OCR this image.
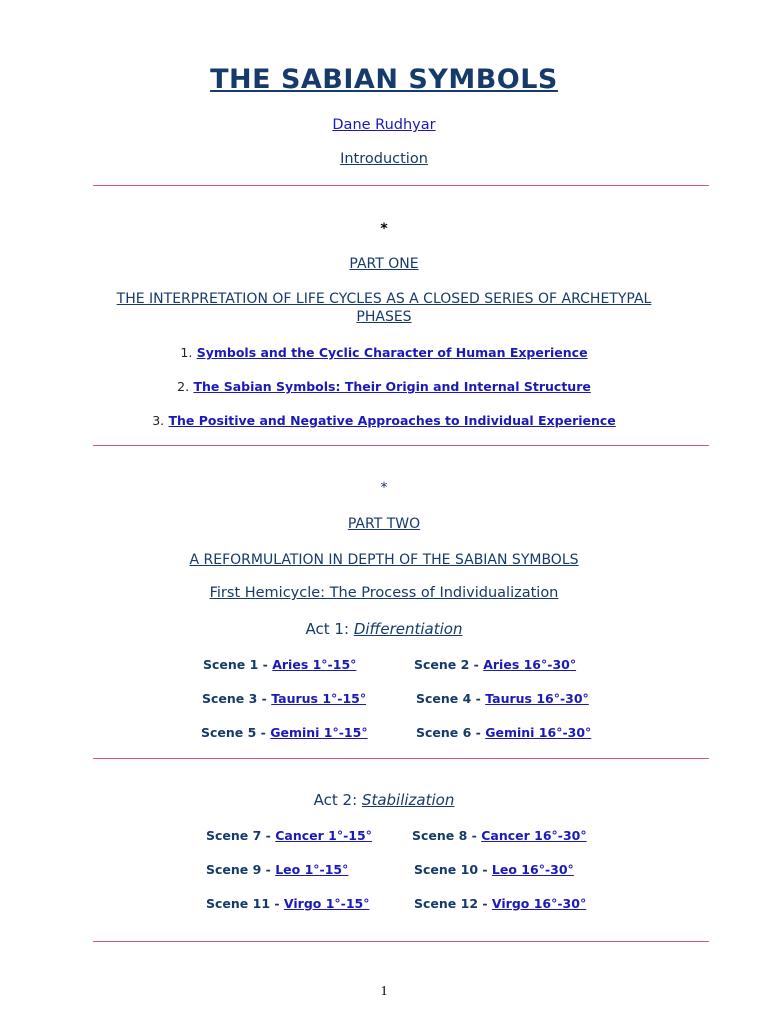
THE SABIAN SYMBOLS
Dane Rudhyar
Introduction
*
PART ONE
THE INTERPRETATION OF LIFE CYCLES AS A CLOSED SERIES OF ARCHETYPAL PHASES
1. Symbols and the Cyclic Character of Human Experience
2. The Sabian Symbols: Their Origin and Internal Structure
3. The Positive and Negative Approaches to Individual Experience
*
PART TWO
A REFORMULATION IN DEPTH OF THE SABIAN SYMBOLS
First Hemicycle: The Process of Individualization
Act 1: Differentiation
Scene 1 - Aries 1°-15°	Scene 2 - Aries 16°-30°
Scene 3 - Taurus 1°-15°	Scene 4 - Taurus 16°-30°
Scene 5 - Gemini 1°-15°	Scene 6 - Gemini 16°-30°
Act 2: Stabilization
Scene 7 - Cancer 1°-15°	Scene 8 - Cancer 16°-30°
Scene 9 - Leo 1°-15°	Scene 10 - Leo 16°-30°
Scene 11 - Virgo 1°-15°	Scene 12 - Virgo 16°-30°
1
